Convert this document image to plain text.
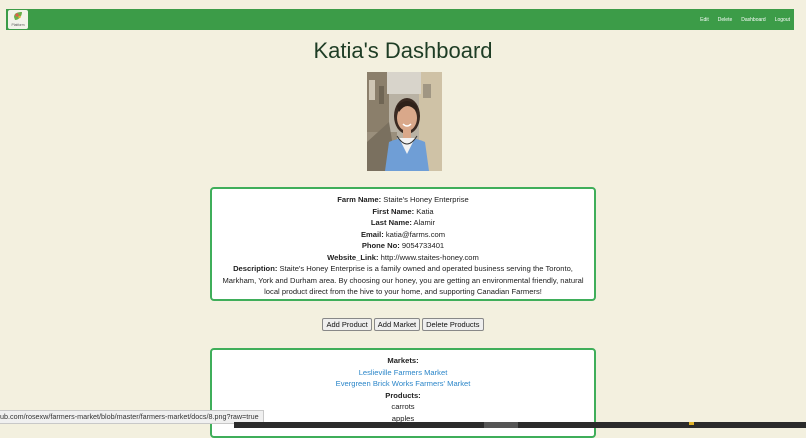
Platform
Edit Delete Dashboard Logout
Katia's Dashboard
Farm Name: Staite's Honey Enterprise
First Name: Katia
Last Name: Alamir
Email: katia@farms.com
Phone No: 9054733401
Website_Link: http://www.staites-honey.com
Description: Staite's Honey Enterprise is a family owned and operated business serving the Toronto, Markham, York and Durham area. By choosing our honey, you are getting an environmental friendly, natural local product direct from the hive to your home, and supporting Canadian Farmers!
Add Product	Add Market	Delete Products
Markets:
Leslieville Farmers Market
Evergreen Brick Works Farmers' Market
Products:
carrots
apples
ub.com/rosexw/farmers-market/blob/master/farmers-market/docs/8.png?raw=true
